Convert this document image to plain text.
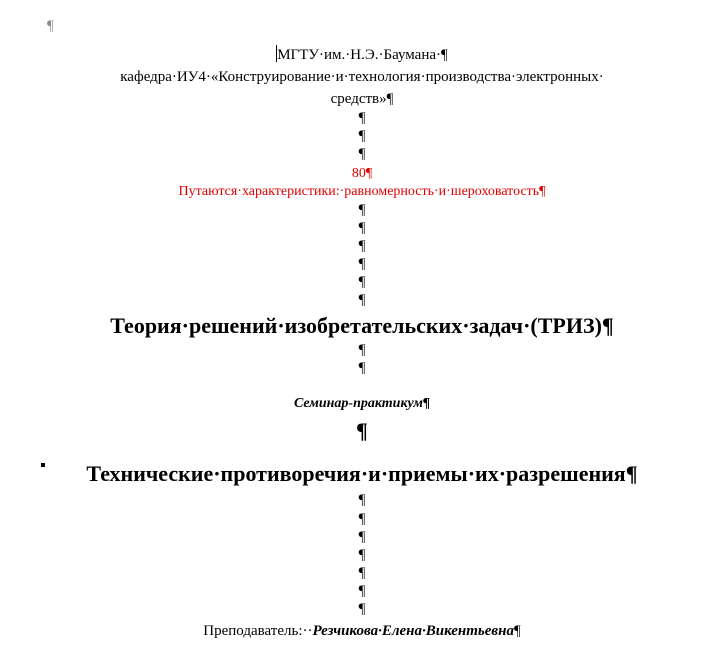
¶
МГТУ·им.·Н.Э.·Баумана·¶
кафедра·ИУ4·«Конструирование·и·технология·производства·электронных·
средств»¶
¶
¶
¶
80¶
Путаются·характеристики:·равномерность·и·шероховатость¶
¶
¶
¶
¶
¶
¶
Теория·решений·изобретательских·задач·(ТРИЗ)¶
¶
¶
Семинар-практикум¶
¶
Технические·противоречия·и·приемы·их·разрешения¶
¶
¶
¶
¶
¶
¶
¶
Преподаватель:··Резчикова·Елена·Викентьевна¶
